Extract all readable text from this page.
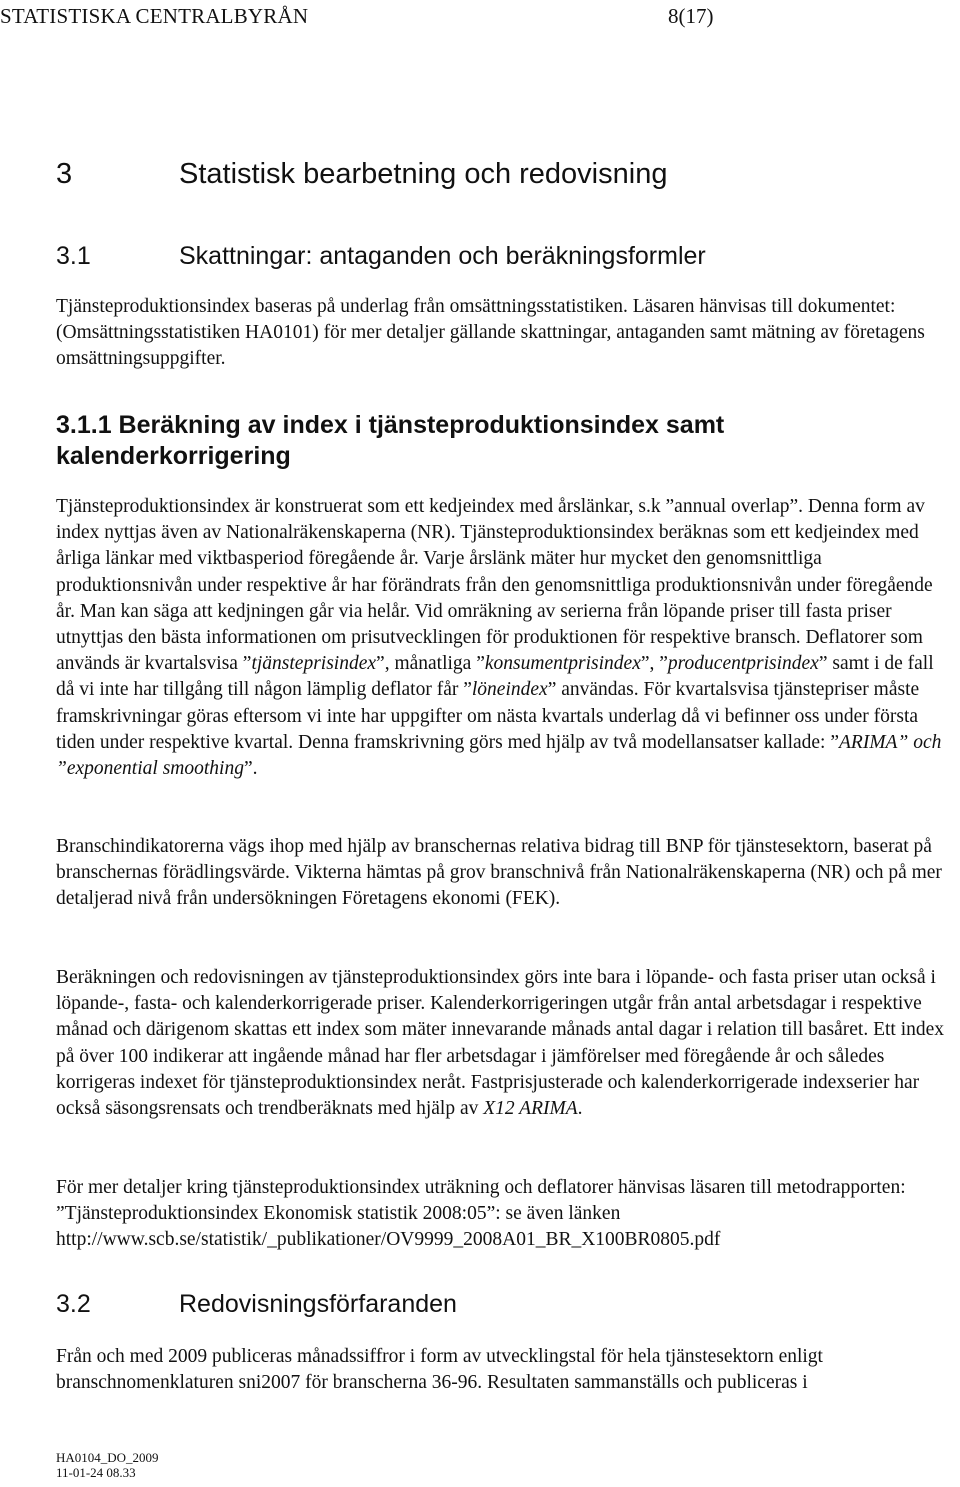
STATISTISKA CENTRALBYRÅN	8(17)
3	Statistisk bearbetning och redovisning
3.1	Skattningar: antaganden och beräkningsformler

Tjänsteproduktionsindex baseras på underlag från omsättningsstatistiken. Läsaren hänvisas till dokumentet: (Omsättningsstatistiken HA0101) för mer detaljer gällande skattningar, antaganden samt mätning av företagens omsättningsuppgifter.

3.1.1 Beräkning av index i tjänsteproduktionsindex samt kalenderkorrigering

Tjänsteproduktionsindex är konstruerat som ett kedjeindex med årslänkar, s.k ”annual overlap”. Denna form av index nyttjas även av Nationalräkenskaperna (NR). Tjänsteproduktionsindex beräknas som ett kedjeindex med årliga länkar med viktbasperiod föregående år. Varje årslänk mäter hur mycket den genomsnittliga produktionsnivån under respektive år har förändrats från den genomsnittliga produktionsnivån under föregående år. Man kan säga att kedjningen går via helår. Vid omräkning av serierna från löpande priser till fasta priser utnyttjas den bästa informationen om prisutvecklingen för produktionen för respektive bransch. Deflatorer som används är kvartalsvisa ”tjänsteprisindex”, månatliga ”konsumentprisindex”, ”producentprisindex” samt i de fall då vi inte har tillgång till någon lämplig deflator får ”löneindex” användas. För kvartalsvisa tjänstepriser måste framskrivningar göras eftersom vi inte har uppgifter om nästa kvartals underlag då vi befinner oss under första tiden under respektive kvartal. Denna framskrivning görs med hjälp av två modellansatser kallade: ”ARIMA” och ”exponential smoothing”.

Branschindikatorerna vägs ihop med hjälp av branschernas relativa bidrag till BNP för tjänstesektorn, baserat på branschernas förädlingsvärde. Vikterna hämtas på grov branschnivå från Nationalräkenskaperna (NR) och på mer detaljerad nivå från undersökningen Företagens ekonomi (FEK).

Beräkningen och redovisningen av tjänsteproduktionsindex görs inte bara i löpande- och fasta priser utan också i löpande-, fasta- och kalenderkorrigerade priser. Kalenderkorrigeringen utgår från antal arbetsdagar i respektive månad och därigenom skattas ett index som mäter innevarande månads antal dagar i relation till basåret. Ett index på över 100 indikerar att ingående månad har fler arbetsdagar i jämförelser med föregående år och således korrigeras indexet för tjänsteproduktionsindex neråt. Fastprisjusterade och kalenderkorrigerade indexserier har också säsongsrensats och trendberäknats med hjälp av X12 ARIMA.

För mer detaljer kring tjänsteproduktionsindex uträkning och deflatorer hänvisas läsaren till metodrapporten: ”Tjänsteproduktionsindex Ekonomisk statistik 2008:05”: se även länken http://www.scb.se/statistik/_publikationer/OV9999_2008A01_BR_X100BR0805.pdf

3.2	Redovisningsförfaranden

Från och med 2009 publiceras månadssiffror i form av utvecklingstal för hela tjänstesektorn enligt branschnomenklaturen sni2007 för branscherna 36-96. Resultaten sammanställs och publiceras i

HA0104_DO_2009
11-01-24 08.33
